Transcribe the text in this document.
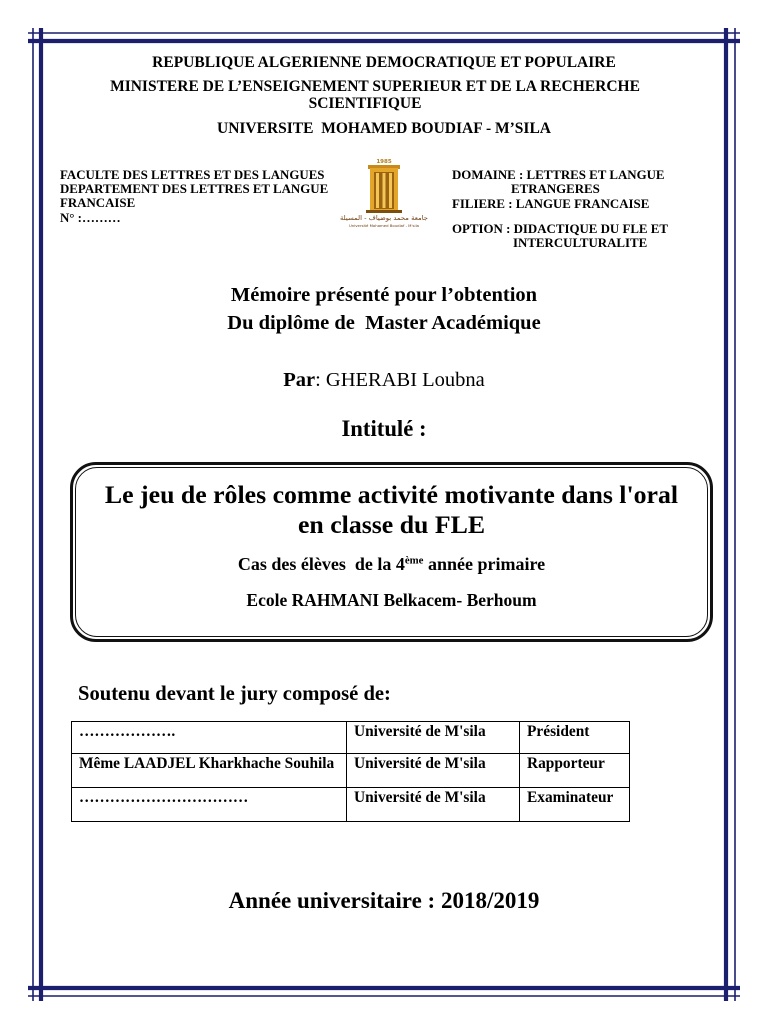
REPUBLIQUE ALGERIENNE DEMOCRATIQUE ET POPULAIRE
MINISTERE DE L’ENSEIGNEMENT SUPERIEUR ET DE LA RECHERCHE
SCIENTIFIQUE
UNIVERSITE  MOHAMED BOUDIAF - M’SILA
FACULTE DES LETTRES ET DES LANGUES
DEPARTEMENT DES LETTRES ET LANGUE
FRANCAISE
N° :………
1985
جامعة محمد بوضياف - المسيلة
Université Mohamed Boudiaf - M'sila
DOMAINE : LETTRES ET LANGUE
ETRANGERES
FILIERE : LANGUE FRANCAISE
OPTION : DIDACTIQUE DU FLE ET
INTERCULTURALITE
Mémoire présenté pour l’obtention
Du diplôme de  Master Académique
Par: GHERABI Loubna
Intitulé :
Le jeu de rôles comme activité motivante dans l'oral
en classe du FLE
Cas des élèves  de la 4ème année primaire
Ecole RAHMANI Belkacem- Berhoum
Soutenu devant le jury composé de:
……………….	Université de M'sila	Président
Même LAADJEL Kharkhache Souhila	Université de M'sila	Rapporteur
……………………………	Université de M'sila	Examinateur
Année universitaire : 2018/2019
